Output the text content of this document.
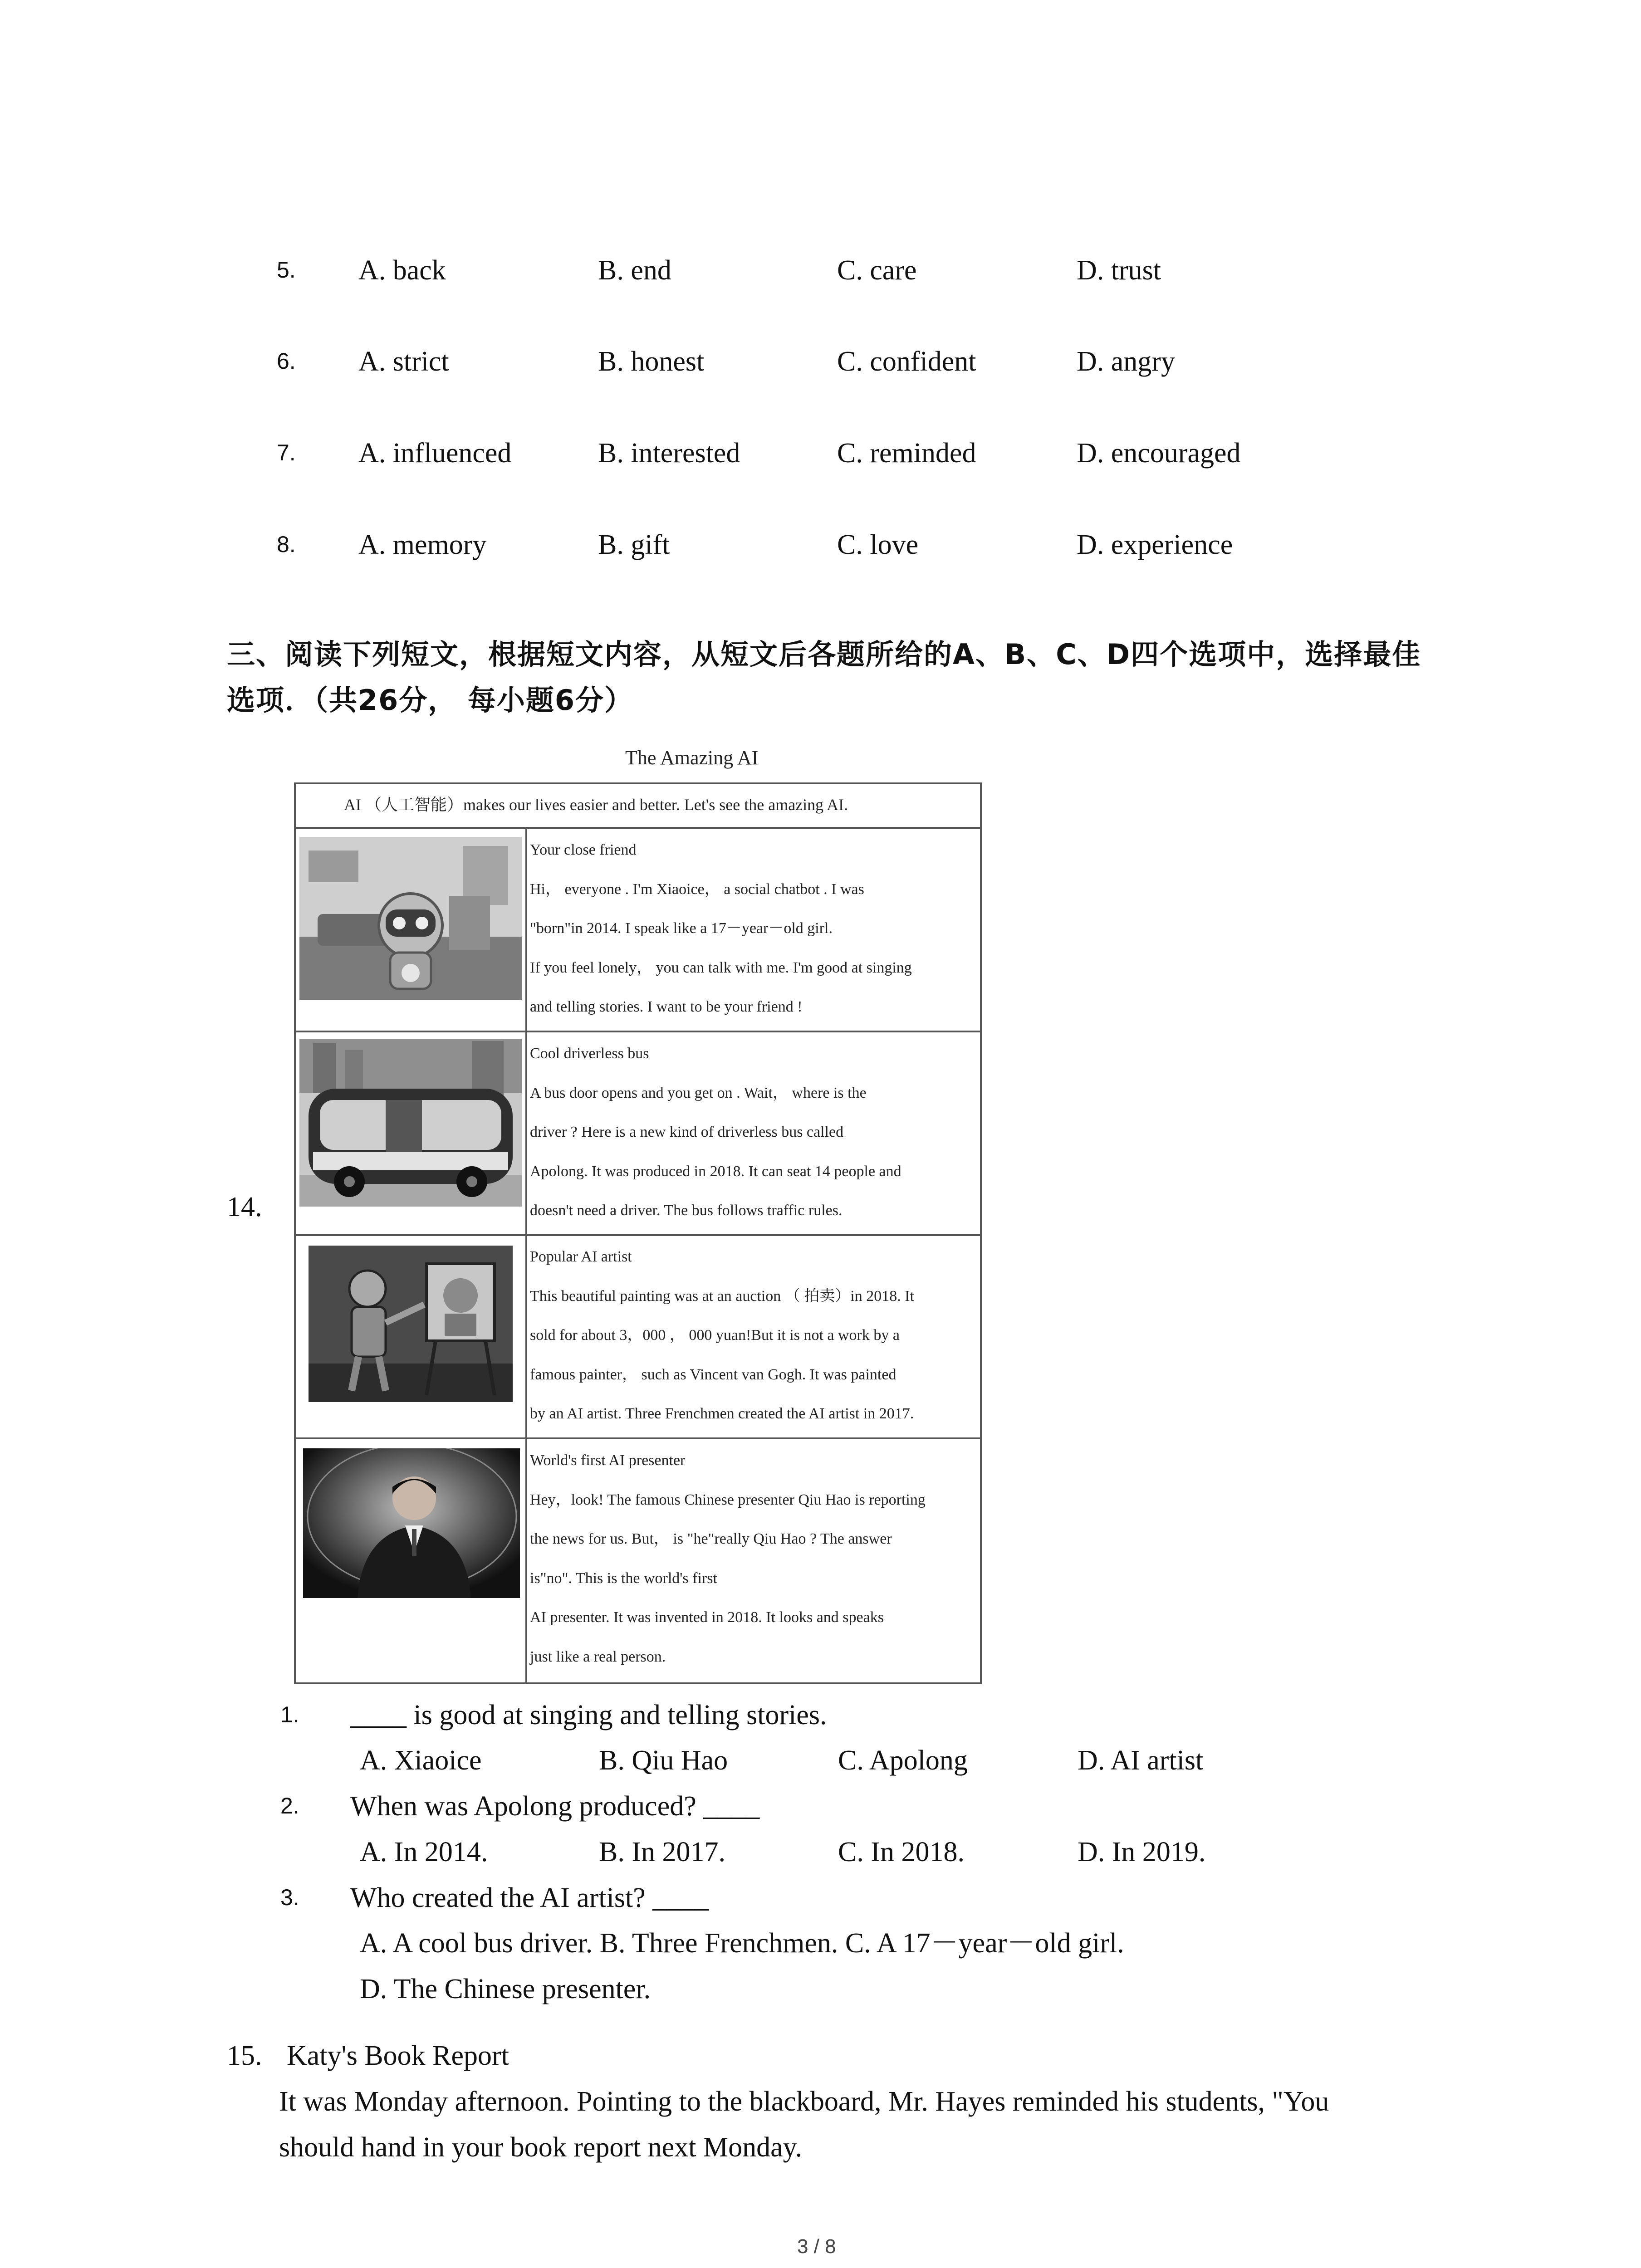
5. A. back	B. end	C. care	D. trust
6. A. strict	B. honest	C. confident	D. angry
7. A. influenced	B. interested	C. reminded	D. encouraged
8. A. memory	B. gift	C. love	D. experience
三、阅读下列短文，根据短文内容，从短文后各题所给的A、B、C、D四个选项中，选择最佳
选项．（共26分， 每小题6分）
14.
The Amazing AI
AI （人工智能）makes our lives easier and better. Let's see the amazing AI.
Your close friend
Hi， everyone . I'm Xiaoice， a social chatbot . I was
"born"in 2014. I speak like a 17－year－old girl.
If you feel lonely， you can talk with me. I'm good at singing
and telling stories. I want to be your friend !
Cool driverless bus
A bus door opens and you get on . Wait， where is the
driver ? Here is a new kind of driverless bus called
Apolong. It was produced in 2018. It can seat 14 people and
doesn't need a driver. The bus follows traffic rules.
Popular AI artist
This beautiful painting was at an auction （ 拍卖）in 2018. It
sold for about 3，000 ， 000 yuan!But it is not a work by a
famous painter， such as Vincent van Gogh. It was painted
by an AI artist. Three Frenchmen created the AI artist in 2017.
World's first AI presenter
Hey，look! The famous Chinese presenter Qiu Hao is reporting
the news for us. But， is "he"really Qiu Hao ? The answer
is"no". This is the world's first
AI presenter. It was invented in 2018. It looks and speaks
just like a real person.
1. ____ is good at singing and telling stories.
A. Xiaoice	B. Qiu Hao	C. Apolong	D. AI artist
2. When was Apolong produced? ____
A. In 2014.	B. In 2017.	C. In 2018.	D. In 2019.
3. Who created the AI artist? ____
A. A cool bus driver. B. Three Frenchmen. C. A 17－year－old girl.
D. The Chinese presenter.
15. Katy's Book Report
It was Monday afternoon. Pointing to the blackboard, Mr. Hayes reminded his students, "You
should hand in your book report next Monday.
3 / 8
